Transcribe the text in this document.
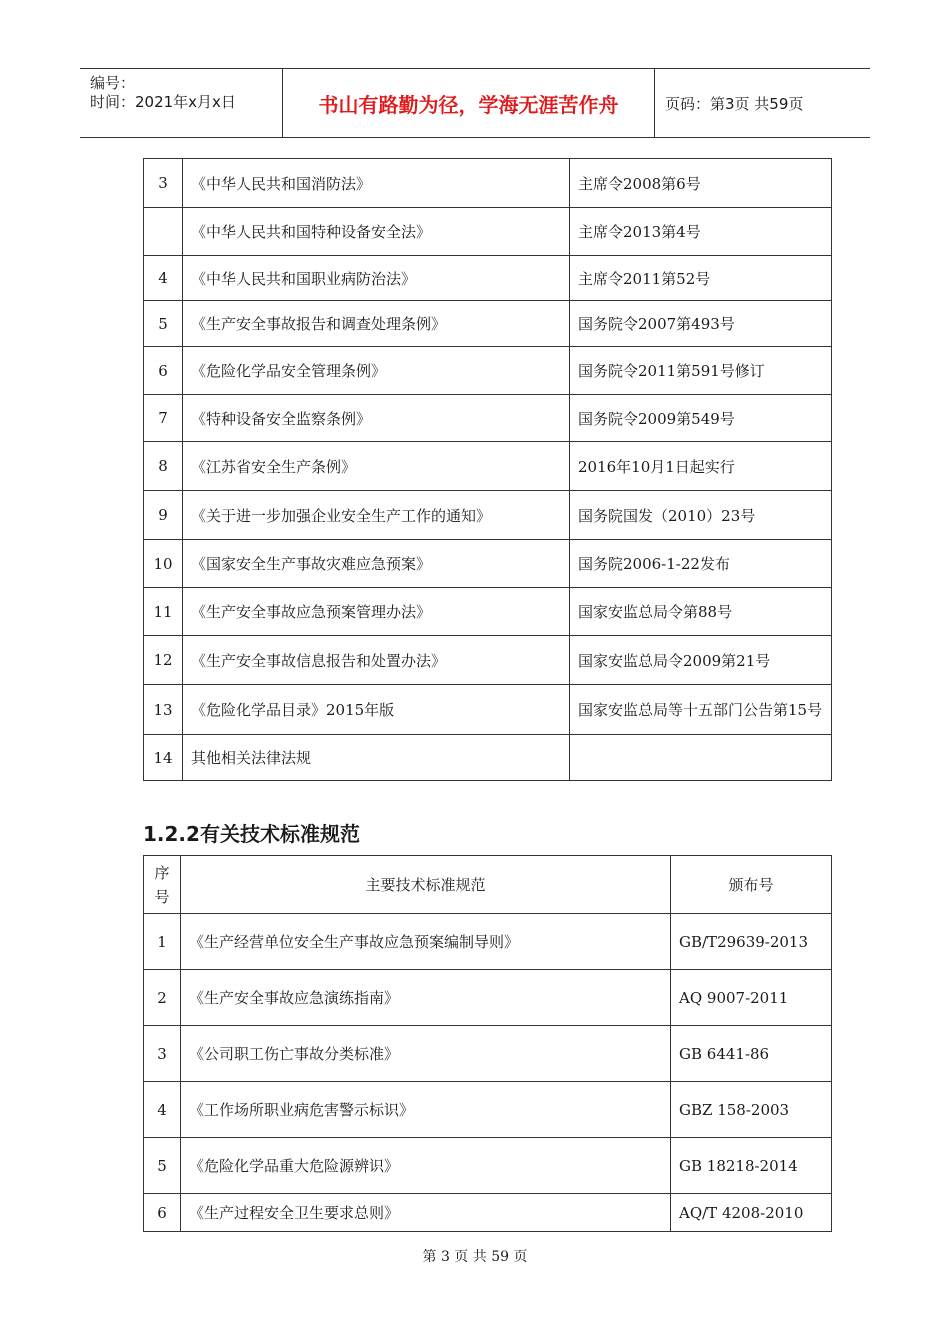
编号：
时间：2021年x月x日	书山有路勤为径，学海无涯苦作舟	页码：第3页 共59页
3	《中华人民共和国消防法》	主席令2008第6号
	《中华人民共和国特种设备安全法》	主席令2013第4号
4	《中华人民共和国职业病防治法》	主席令2011第52号
5	《生产安全事故报告和调查处理条例》	国务院令2007第493号
6	《危险化学品安全管理条例》	国务院令2011第591号修订
7	《特种设备安全监察条例》	国务院令2009第549号
8	《江苏省安全生产条例》	2016年10月1日起实行
9	《关于进一步加强企业安全生产工作的通知》	国务院国发（2010）23号
10	《国家安全生产事故灾难应急预案》	国务院2006-1-22发布
11	《生产安全事故应急预案管理办法》	国家安监总局令第88号
12	《生产安全事故信息报告和处置办法》	国家安监总局令2009第21号
13	《危险化学品目录》2015年版	国家安监总局等十五部门公告第15号
14	其他相关法律法规	
1.2.2有关技术标准规范
序号	主要技术标准规范	颁布号
1	《生产经营单位安全生产事故应急预案编制导则》	GB/T29639-2013
2	《生产安全事故应急演练指南》	AQ 9007-2011
3	《公司职工伤亡事故分类标准》	GB 6441-86
4	《工作场所职业病危害警示标识》	GBZ 158-2003
5	《危险化学品重大危险源辨识》	GB 18218-2014
6	《生产过程安全卫生要求总则》	AQ/T 4208-2010
第 3 页 共 59 页
